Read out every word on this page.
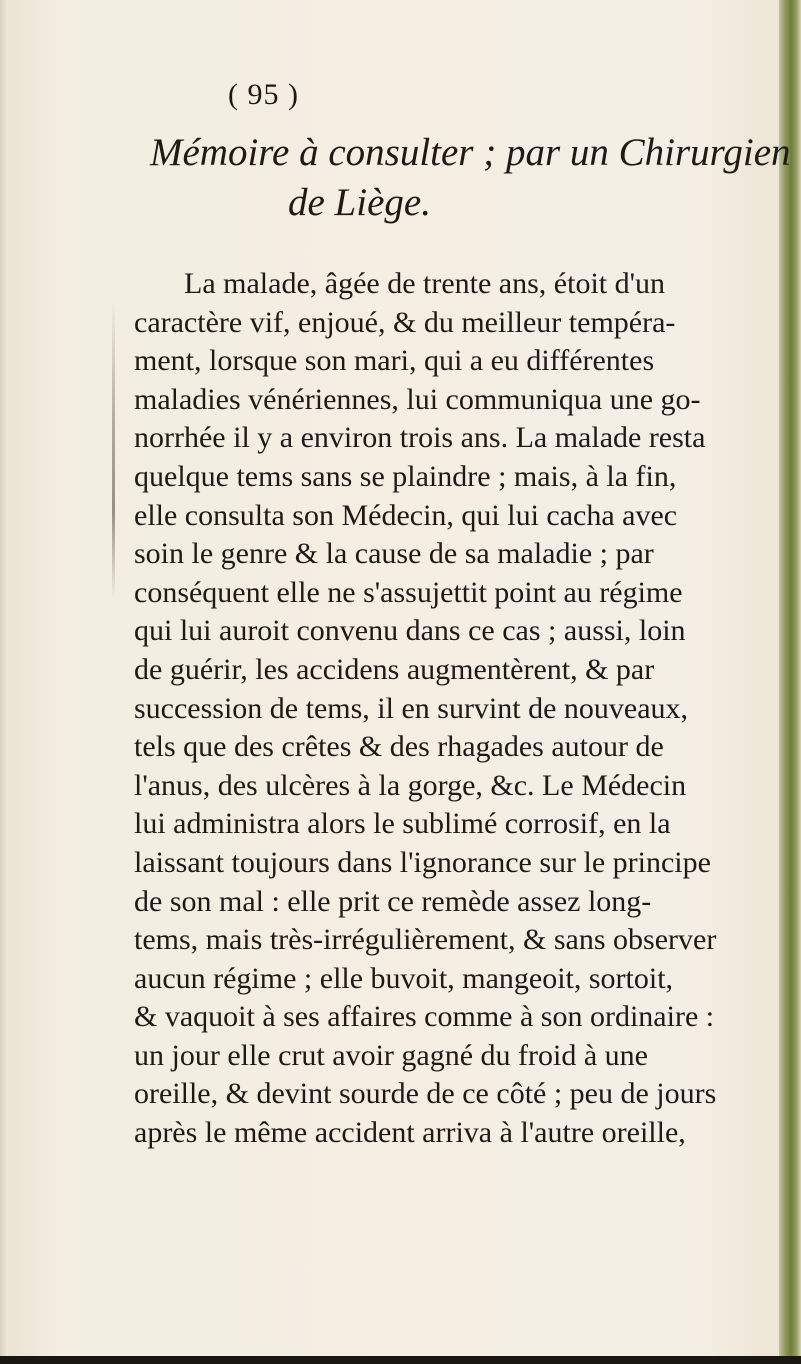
( 95 )
Mémoire à consulter ; par un Chirurgien
de Liège.
La malade, âgée de trente ans, étoit d'un
caractère vif, enjoué, & du meilleur tempéra-
ment, lorsque son mari, qui a eu différentes
maladies vénériennes, lui communiqua une go-
norrhée il y a environ trois ans. La malade resta
quelque tems sans se plaindre ; mais, à la fin,
elle consulta son Médecin, qui lui cacha avec
soin le genre & la cause de sa maladie ; par
conséquent elle ne s'assujettit point au régime
qui lui auroit convenu dans ce cas ; aussi, loin
de guérir, les accidens augmentèrent, & par
succession de tems, il en survint de nouveaux,
tels que des crêtes & des rhagades autour de
l'anus, des ulcères à la gorge, &c. Le Médecin
lui administra alors le sublimé corrosif, en la
laissant toujours dans l'ignorance sur le principe
de son mal : elle prit ce remède assez long-
tems, mais très-irrégulièrement, & sans observer
aucun régime ; elle buvoit, mangeoit, sortoit,
& vaquoit à ses affaires comme à son ordinaire :
un jour elle crut avoir gagné du froid à une
oreille, & devint sourde de ce côté ; peu de jours
après le même accident arriva à l'autre oreille,
